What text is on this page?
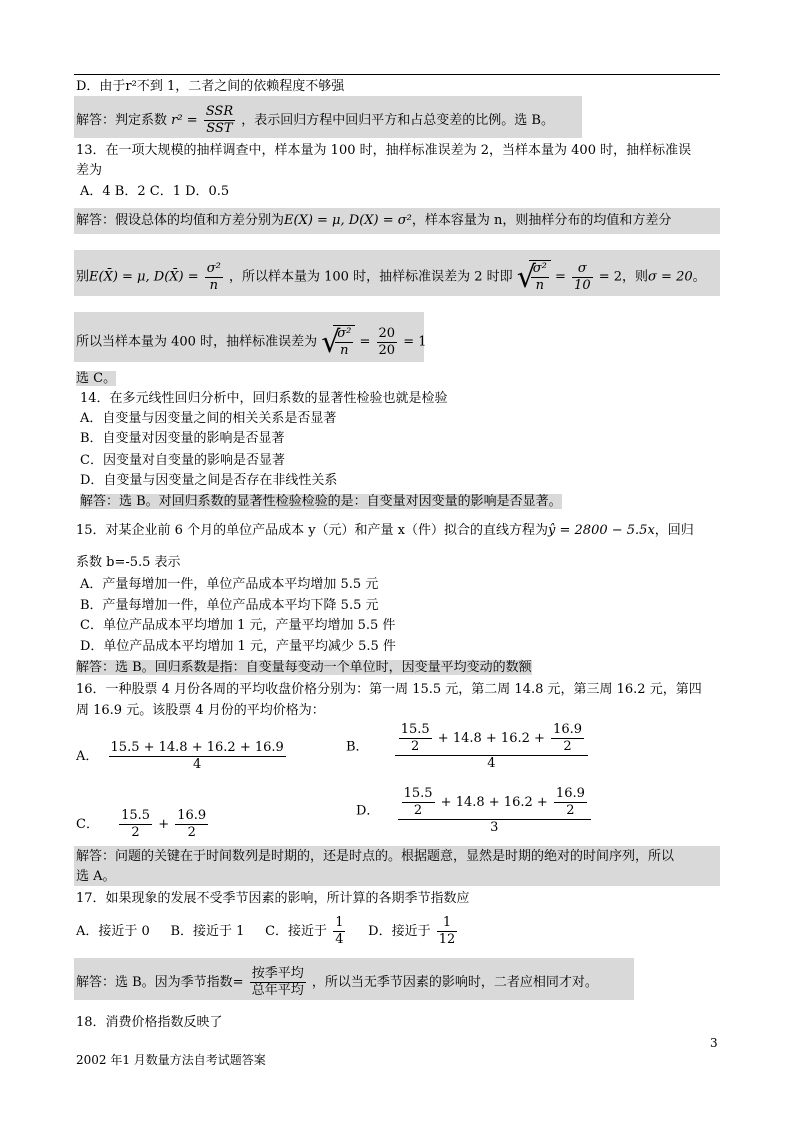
D．由于r²不到 1，二者之间的依赖程度不够强
解答：判定系数 $r^2 = \frac{\text{SSR}}{\text{SST}}$ ，表示回归方程中回归平方和占总变差的比例。选 B。
13．在一项大规模的抽样调查中，样本量为 100 时，抽样标准误差为 2，当样本量为 400 时，抽样标准误
差为
A．4 B．2 C．1 D．0.5
解答：假设总体的均值和方差分别为E(X) = μ, D(X) = σ²，样本容量为 n，则抽样分布的均值和方差分
别E(X̄) = μ, D(X̄) = $\frac{\text{σ²}}{n}$ ，所以样本量为 100 时，抽样标准误差为 2 时即 √
$\frac{\text{σ²}}{n} = \frac{\sigma}{10} = 2$，则σ = 20。
所以当样本量为 400 时，抽样标准误差为 √
$\frac{\text{σ²}}{n} = \frac{20}{20} = 1$
选 C。
14．在多元线性回归分析中，回归系数的显著性检验也就是检验
A．自变量与因变量之间的相关关系是否显著
B．自变量对因变量的影响是否显著
C．因变量对自变量的影响是否显著
D．自变量与因变量之间是否存在非线性关系
解答：选 B。对回归系数的显著性检验检验的是：自变量对因变量的影响是否显著。
15．对某企业前 6 个月的单位产品成本 y（元）和产量 x（件）拟合的直线方程为ŷ = 2800 − 5.5x，回归
系数 b=-5.5 表示
A．产量每增加一件，单位产品成本平均增加 5.5 元
B．产量每增加一件，单位产品成本平均下降 5.5 元
C．单位产品成本平均增加 1 元，产量平均增加 5.5 件
D．单位产品成本平均增加 1 元，产量平均减少 5.5 件
解答：选 B。回归系数是指：自变量每变动一个单位时，因变量平均变动的数额
16．一种股票 4 月份各周的平均收盘价格分别为：第一周 15.5 元，第二周 14.8 元，第三周 16.2 元，第四
周 16.9 元。该股票 4 月份的平均价格为：
A． $\frac{15.5 + 14.8 + 16.2 + 16.9}{4}$	B． $\frac{\frac{15.5}{2} + 14.8 + 16.2 + \frac{16.9}{2}}{4}$
C． $\frac{15.5}{2} + \frac{16.9}{2}$	D． $\frac{\frac{15.5}{2} + 14.8 + 16.2 + \frac{16.9}{2}}{3}$
解答：问题的关键在于时间数列是时期的，还是时点的。根据题意，显然是时期的绝对的时间序列，所以
选 A。
17．如果现象的发展不受季节因素的影响，所计算的各期季节指数应
A．接近于 0 B．接近于 1 C．接近于 $\frac{1}{4}$ D．接近于 $\frac{1}{12}$
解答：选 B。因为季节指数= $\frac{\text{按季平均}}{\text{总年平均}}$ ，所以当无季节因素的影响时，二者应相同才对。
18．消费价格指数反映了
3
2002 年1 月数量方法自考试题答案
